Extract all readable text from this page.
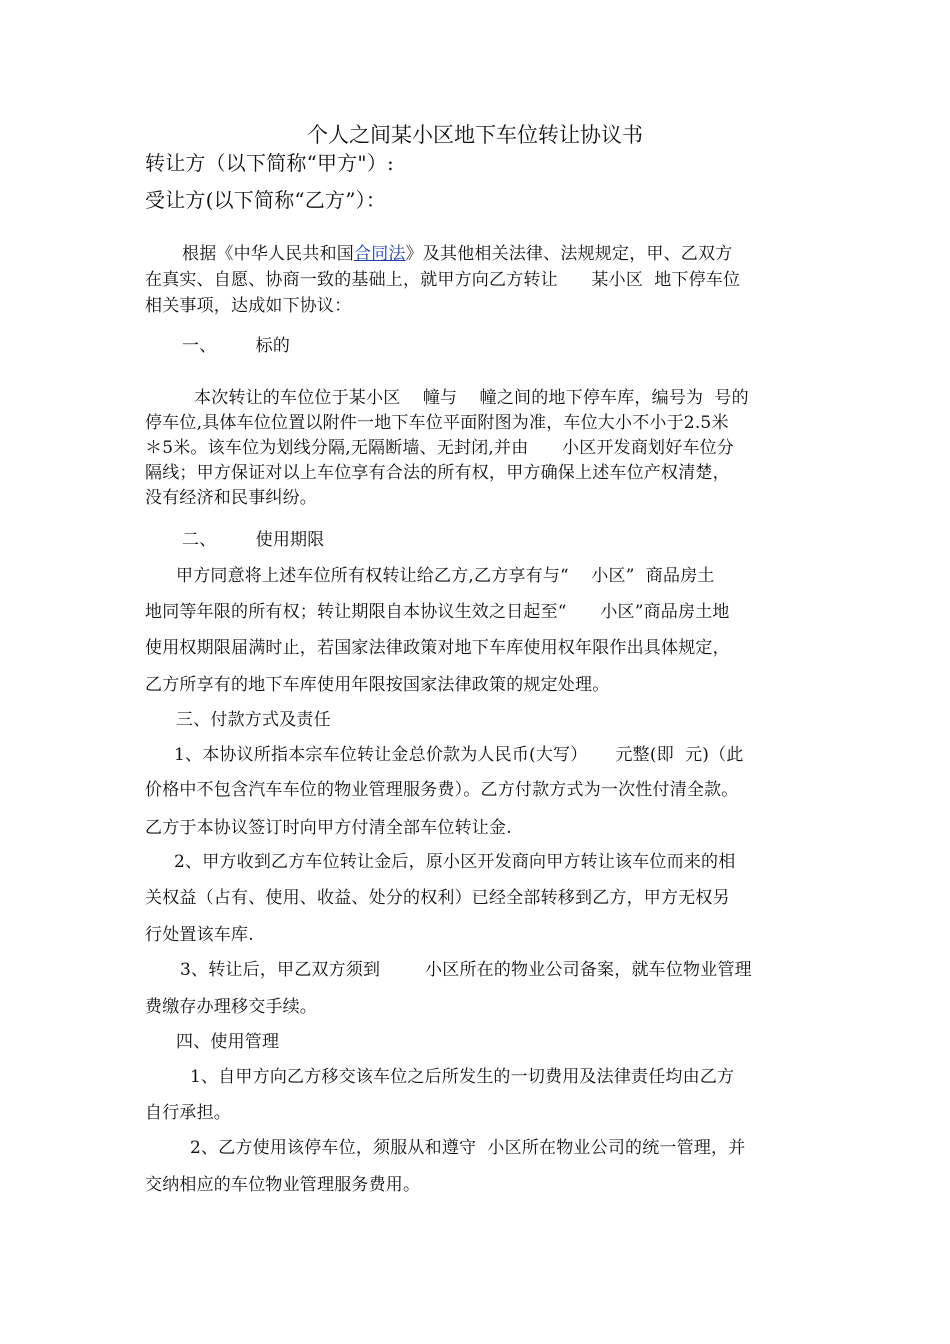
个人之间某小区地下车位转让协议书
转让方（以下简称“甲方"）:
受让方(以下简称“乙方”）：
根据《中华人民共和国合同法》及其他相关法律、法规规定，甲、乙双方
在真实、自愿、协商一致的基础上，就甲方向乙方转让      某小区  地下停车位
相关事项，达成如下协议：
一、       标的
本次转让的车位位于某小区    幢与    幢之间的地下停车库，编号为  号的
停车位,具体车位位置以附件一地下车位平面附图为准，车位大小不小于2.5米
＊5米。该车位为划线分隔,无隔断墙、无封闭,并由      小区开发商划好车位分
隔线；甲方保证对以上车位享有合法的所有权，甲方确保上述车位产权清楚，
没有经济和民事纠纷。
二、       使用期限
甲方同意将上述车位所有权转让给乙方,乙方享有与“    小区”  商品房土
地同等年限的所有权；转让期限自本协议生效之日起至“      小区”商品房土地
使用权期限届满时止，若国家法律政策对地下车库使用权年限作出具体规定，
乙方所享有的地下车库使用年限按国家法律政策的规定处理。
三、付款方式及责任
1、本协议所指本宗车位转让金总价款为人民币(大写）     元整(即  元)（此
价格中不包含汽车车位的物业管理服务费）。乙方付款方式为一次性付清全款。
乙方于本协议签订时向甲方付清全部车位转让金.
2、甲方收到乙方车位转让金后，原小区开发商向甲方转让该车位而来的相
关权益（占有、使用、收益、处分的权利）已经全部转移到乙方，甲方无权另
行处置该车库.
3、转让后，甲乙双方须到        小区所在的物业公司备案，就车位物业管理
费缴存办理移交手续。
四、使用管理
1、自甲方向乙方移交该车位之后所发生的一切费用及法律责任均由乙方
自行承担。
2、乙方使用该停车位，须服从和遵守  小区所在物业公司的统一管理，并
交纳相应的车位物业管理服务费用。
